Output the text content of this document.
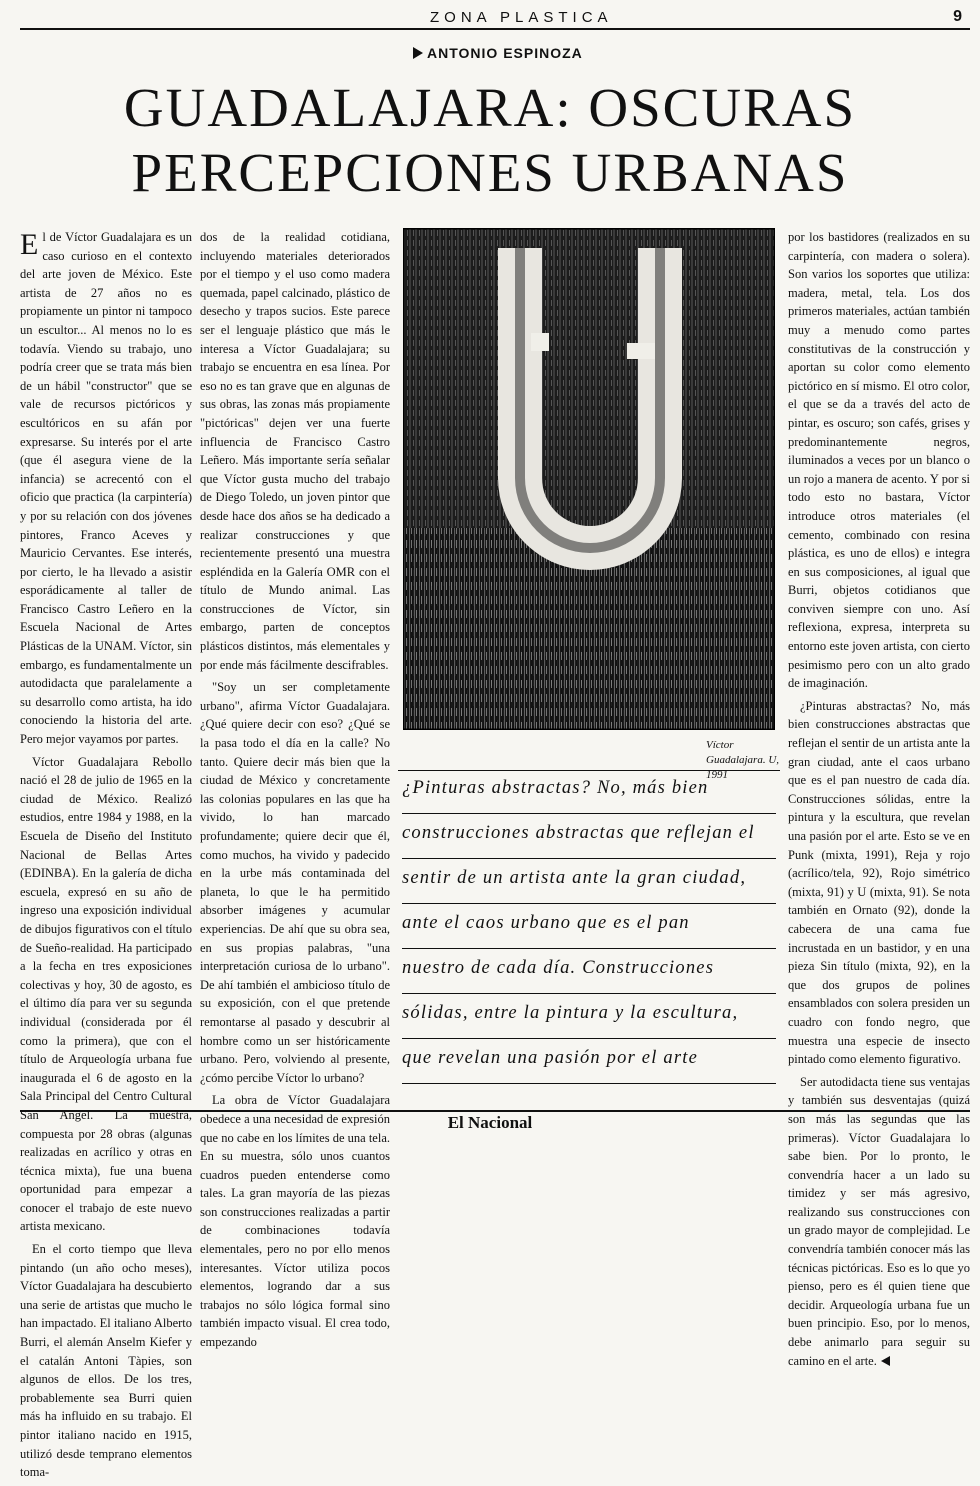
ZONA PLASTICA	9
ANTONIO ESPINOZA
GUADALAJARA: OSCURAS
PERCEPCIONES URBANAS

El de Víctor Guadalajara es un caso curioso en el contexto del arte joven de México. Este artista de 27 años no es propiamente un pintor ni tampoco un escultor... Al menos no lo es todavía. Viendo su trabajo, uno podría creer que se trata más bien de un hábil "constructor" que se vale de recursos pictóricos y escultóricos en su afán por expresarse. Su interés por el arte (que él asegura viene de la infancia) se acrecentó con el oficio que practica (la carpintería) y por su relación con dos jóvenes pintores, Franco Aceves y Mauricio Cervantes. Ese interés, por cierto, le ha llevado a asistir esporádicamente al taller de Francisco Castro Leñero en la Escuela Nacional de Artes Plásticas de la UNAM. Víctor, sin embargo, es fundamentalmente un autodidacta que paralelamente a su desarrollo como artista, ha ido conociendo la historia del arte. Pero mejor vayamos por partes.

Víctor Guadalajara Rebollo nació el 28 de julio de 1965 en la ciudad de México. Realizó estudios, entre 1984 y 1988, en la Escuela de Diseño del Instituto Nacional de Bellas Artes (EDINBA). En la galería de dicha escuela, expresó en su año de ingreso una exposición individual de dibujos figurativos con el título de Sueño-realidad. Ha participado a la fecha en tres exposiciones colectivas y hoy, 30 de agosto, es el último día para ver su segunda individual (considerada por él como la primera), que con el título de Arqueología urbana fue inaugurada el 6 de agosto en la Sala Principal del Centro Cultural San Angel. La muestra, compuesta por 28 obras (algunas realizadas en acrílico y otras en técnica mixta), fue una buena oportunidad para empezar a conocer el trabajo de este nuevo artista mexicano.

En el corto tiempo que lleva pintando (un año ocho meses), Víctor Guadalajara ha descubierto una serie de artistas que mucho le han impactado. El italiano Alberto Burri, el alemán Anselm Kiefer y el catalán Antoni Tàpies, son algunos de ellos. De los tres, probablemente sea Burri quien más ha influido en su trabajo. El pintor italiano nacido en 1915, utilizó desde temprano elementos toma-

dos de la realidad cotidiana, incluyendo materiales deteriorados por el tiempo y el uso como madera quemada, papel calcinado, plástico de desecho y trapos sucios. Este parece ser el lenguaje plástico que más le interesa a Víctor Guadalajara; su trabajo se encuentra en esa línea. Por eso no es tan grave que en algunas de sus obras, las zonas más propiamente "pictóricas" dejen ver una fuerte influencia de Francisco Castro Leñero. Más importante sería señalar que Víctor gusta mucho del trabajo de Diego Toledo, un joven pintor que desde hace dos años se ha dedicado a realizar construcciones y que recientemente presentó una muestra espléndida en la Galería OMR con el título de Mundo animal. Las construcciones de Víctor, sin embargo, parten de conceptos plásticos distintos, más elementales y por ende más fácilmente descifrables.

"Soy un ser completamente urbano", afirma Víctor Guadalajara. ¿Qué quiere decir con eso? ¿Qué se la pasa todo el día en la calle? No tanto. Quiere decir más bien que la ciudad de México y concretamente las colonias populares en las que ha vivido, lo han marcado profundamente; quiere decir que él, como muchos, ha vivido y padecido en la urbe más contaminada del planeta, lo que le ha permitido absorber imágenes y acumular experiencias. De ahí que su obra sea, en sus propias palabras, "una interpretación curiosa de lo urbano". De ahí también el ambicioso título de su exposición, con el que pretende remontarse al pasado y descubrir al hombre como un ser históricamente urbano. Pero, volviendo al presente, ¿cómo percibe Víctor lo urbano?

La obra de Víctor Guadalajara obedece a una necesidad de expresión que no cabe en los límites de una tela. En su muestra, sólo unos cuantos cuadros pueden entenderse como tales. La gran mayoría de las piezas son construcciones realizadas a partir de combinaciones todavía elementales, pero no por ello menos interesantes. Víctor utiliza pocos elementos, logrando dar a sus trabajos no sólo lógica formal sino también impacto visual. El crea todo, empezando

Víctor Guadalajara. U, 1991
¿Pinturas abstractas? No, más bien
construcciones abstractas que reflejan el
sentir de un artista ante la gran ciudad,
ante el caos urbano que es el pan
nuestro de cada día. Construcciones
sólidas, entre la pintura y la escultura,
que revelan una pasión por el arte

por los bastidores (realizados en su carpintería, con madera o solera). Son varios los soportes que utiliza: madera, metal, tela. Los dos primeros materiales, actúan también muy a menudo como partes constitutivas de la construcción y aportan su color como elemento pictórico en sí mismo. El otro color, el que se da a través del acto de pintar, es oscuro; son cafés, grises y predominantemente negros, iluminados a veces por un blanco o un rojo a manera de acento. Y por si todo esto no bastara, Víctor introduce otros materiales (el cemento, combinado con resina plástica, es uno de ellos) e integra en sus composiciones, al igual que Burri, objetos cotidianos que conviven siempre con uno. Así reflexiona, expresa, interpreta su entorno este joven artista, con cierto pesimismo pero con un alto grado de imaginación.

¿Pinturas abstractas? No, más bien construcciones abstractas que reflejan el sentir de un artista ante la gran ciudad, ante el caos urbano que es el pan nuestro de cada día. Construcciones sólidas, entre la pintura y la escultura, que revelan una pasión por el arte. Esto se ve en Punk (mixta, 1991), Reja y rojo (acrílico/tela, 92), Rojo simétrico (mixta, 91) y U (mixta, 91). Se nota también en Ornato (92), donde la cabecera de una cama fue incrustada en un bastidor, y en una pieza Sin título (mixta, 92), en la que dos grupos de polines ensamblados con solera presiden un cuadro con fondo negro, que muestra una especie de insecto pintado como elemento figurativo.

Ser autodidacta tiene sus ventajas y también sus desventajas (quizá son más las segundas que las primeras). Víctor Guadalajara lo sabe bien. Por lo pronto, le convendría hacer a un lado su timidez y ser más agresivo, realizando sus construcciones con un grado mayor de complejidad. Le convendría también conocer más las técnicas pictóricas. Eso es lo que yo pienso, pero es él quien tiene que decidir. Arqueología urbana fue un buen principio. Eso, por lo menos, debe animarlo para seguir su camino en el arte.

El Nacional
